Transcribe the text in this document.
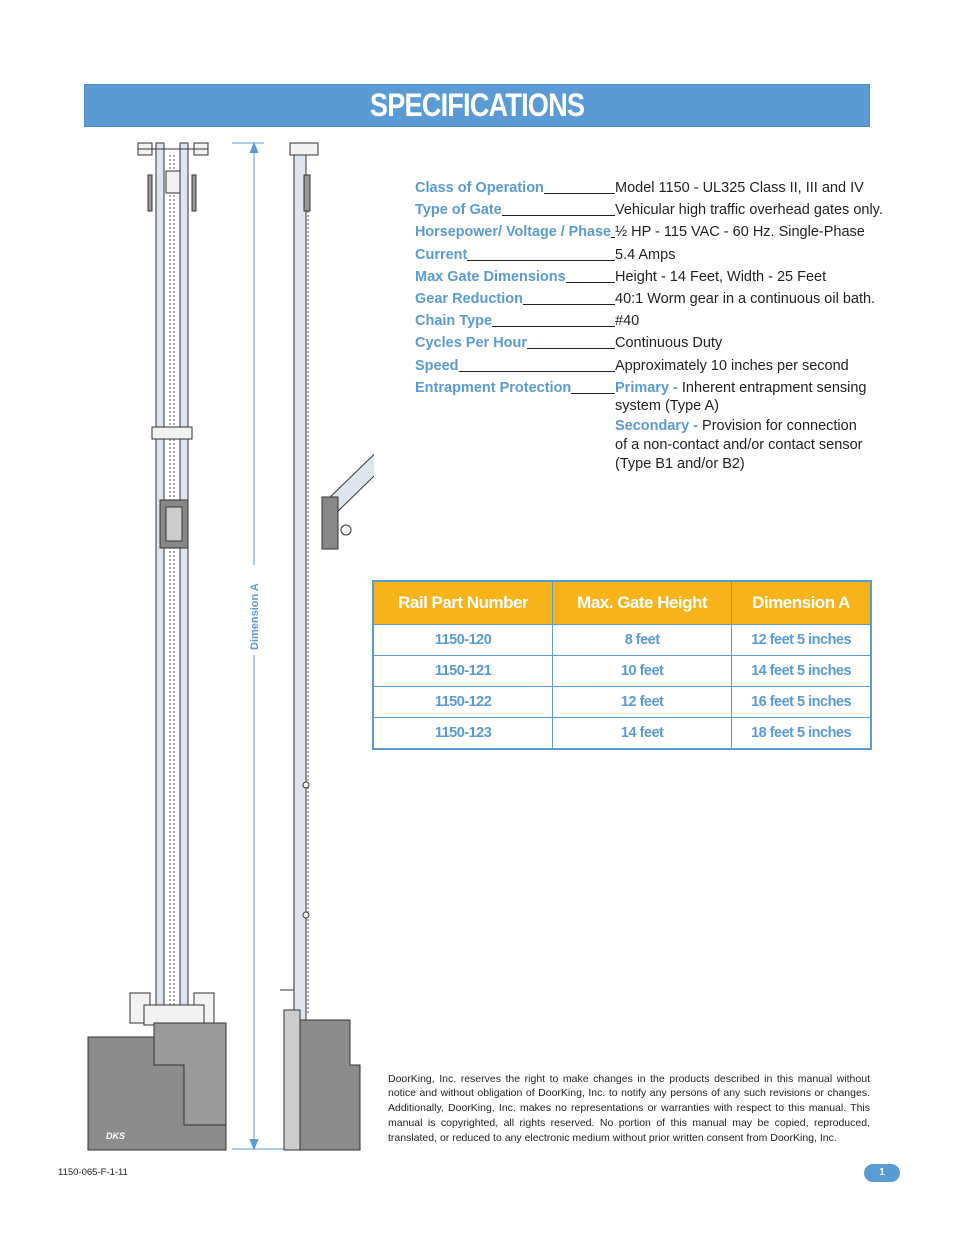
SPECIFICATIONS
DKS
Dimension A
Class of Operation	Model 1150 - UL325 Class II, III and IV
Type of Gate	Vehicular high traffic overhead gates only.
Horsepower/ Voltage / Phase ½ HP - 115 VAC - 60 Hz. Single-Phase
Current	5.4 Amps
Max Gate Dimensions	Height - 14 Feet, Width - 25 Feet
Gear Reduction	40:1 Worm gear in a continuous oil bath.
Chain Type	#40
Cycles Per Hour	Continuous Duty
Speed	Approximately 10 inches per second
Entrapment Protection	Primary - Inherent entrapment sensing system (Type A)
Secondary - Provision for connection of a non-contact and/or contact sensor (Type B1 and/or B2)
Rail Part Number	Max. Gate Height	Dimension A
1150-120	8 feet	12 feet 5 inches
1150-121	10 feet	14 feet 5 inches
1150-122	12 feet	16 feet 5 inches
1150-123	14 feet	18 feet 5 inches

DoorKing, Inc. reserves the right to make changes in the products described in this manual without notice and without obligation of DoorKing, Inc. to notify any persons of any such revisions or changes. Additionally, DoorKing, Inc. makes no representations or warranties with respect to this manual. This manual is copyrighted, all rights reserved. No portion of this manual may be copied, reproduced, translated, or reduced to any electronic medium without prior written consent from DoorKing, Inc.

1150-065-F-1-11	1
